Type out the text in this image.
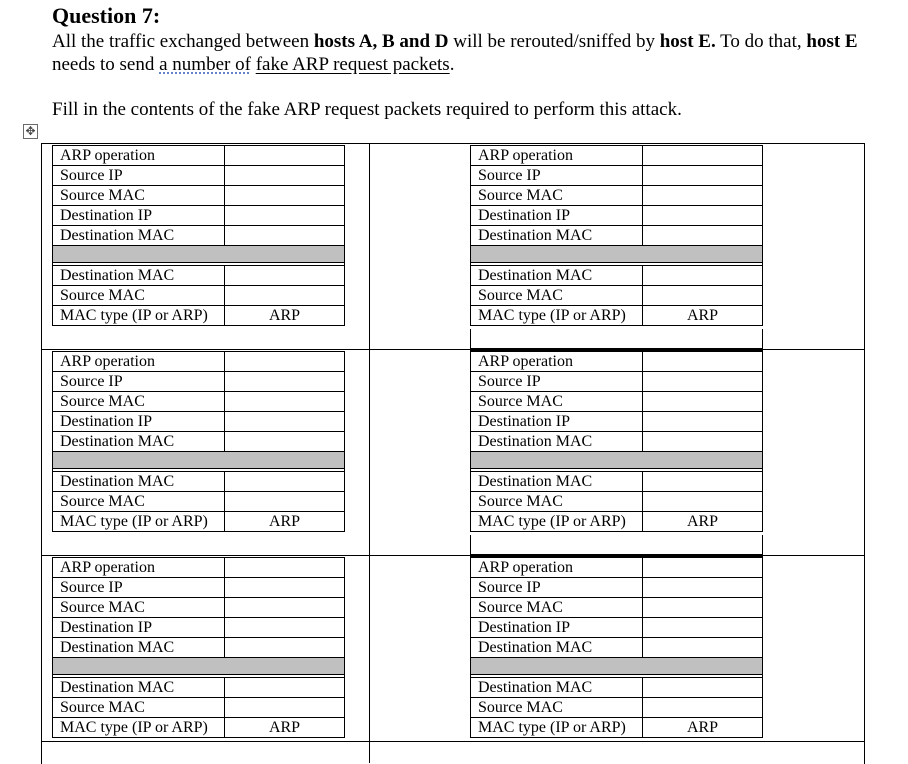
Question 7:

All the traffic exchanged between hosts A, B and D will be rerouted/sniffed by host E. To do that, host E needs to send a number of fake ARP request packets.

Fill in the contents of the fake ARP request packets required to perform this attack.

✥
ARP operation	
Source IP	
Source MAC	
Destination IP	
Destination MAC	

Destination MAC	
Source MAC	
MAC type (IP or ARP)	ARP
ARP operation	
Source IP	
Source MAC	
Destination IP	
Destination MAC	

Destination MAC	
Source MAC	
MAC type (IP or ARP)	ARP
ARP operation	
Source IP	
Source MAC	
Destination IP	
Destination MAC	

Destination MAC	
Source MAC	
MAC type (IP or ARP)	ARP
ARP operation	
Source IP	
Source MAC	
Destination IP	
Destination MAC	

Destination MAC	
Source MAC	
MAC type (IP or ARP)	ARP
ARP operation	
Source IP	
Source MAC	
Destination IP	
Destination MAC	

Destination MAC	
Source MAC	
MAC type (IP or ARP)	ARP
ARP operation	
Source IP	
Source MAC	
Destination IP	
Destination MAC	

Destination MAC	
Source MAC	
MAC type (IP or ARP)	ARP
